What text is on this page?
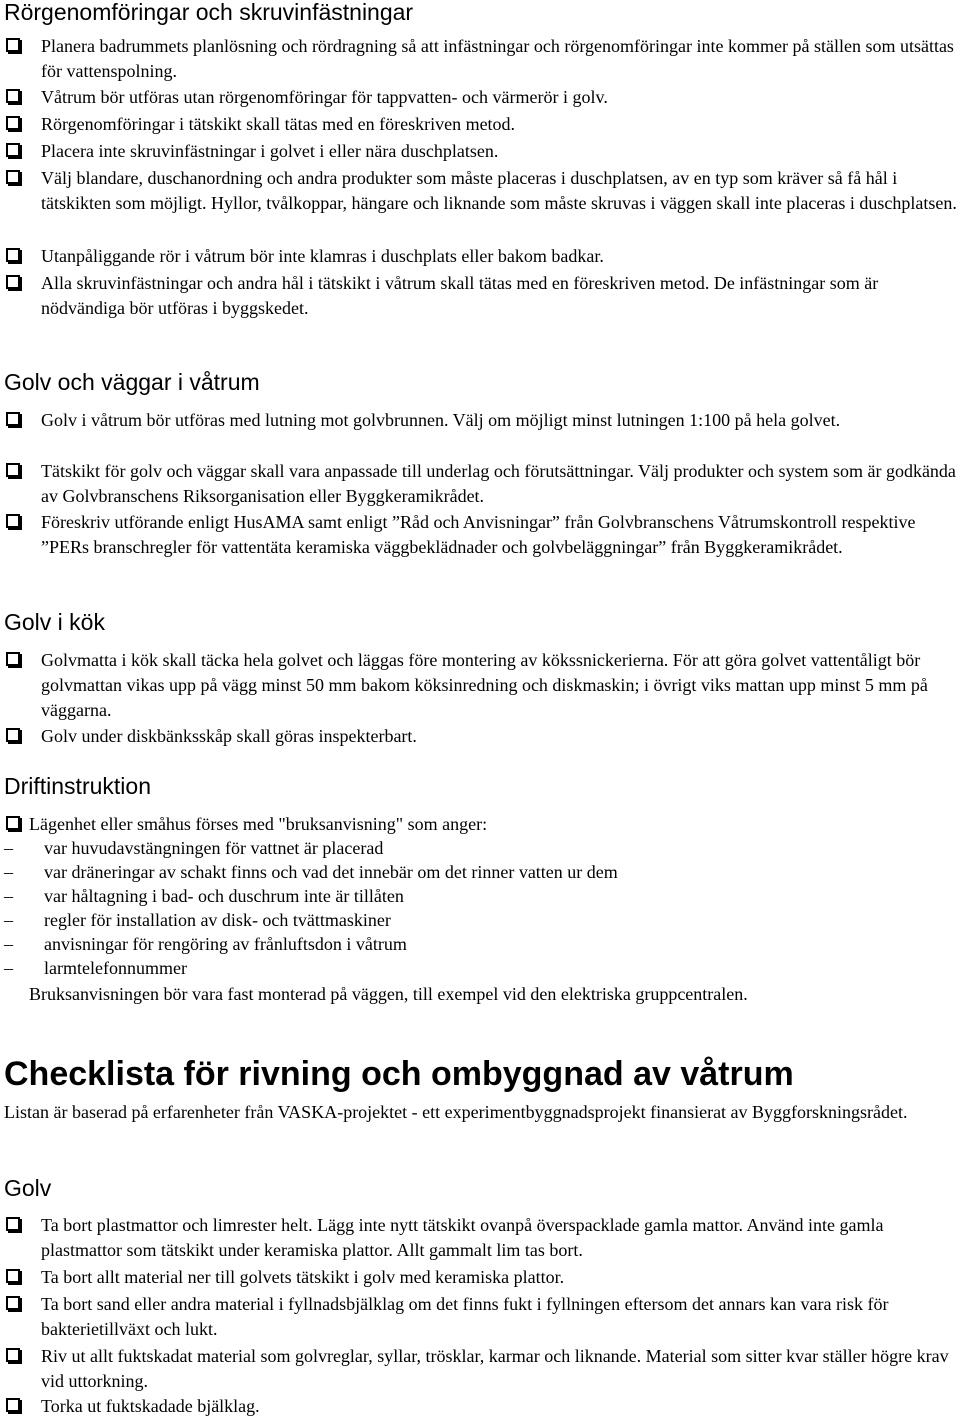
Rörgenomföringar och skruvinfästningar
Planera badrummets planlösning och rördragning så att infästningar och rörgenomföringar inte kommer på ställen som utsättas för vattenspolning.
Våtrum bör utföras utan rörgenomföringar för tappvatten- och värmerör i golv.
Rörgenomföringar i tätskikt skall tätas med en föreskriven metod.
Placera inte skruvinfästningar i golvet i eller nära duschplatsen.
Välj blandare, duschanordning och andra produkter som måste placeras i duschplatsen, av en typ som kräver så få hål i tätskikten som möjligt. Hyllor, tvålkoppar, hängare och liknande som måste skruvas i väggen skall inte placeras i duschplatsen.
Utanpåliggande rör i våtrum bör inte klamras i duschplats eller bakom badkar.
Alla skruvinfästningar och andra hål i tätskikt i våtrum skall tätas med en föreskriven metod. De infästningar som är nödvändiga bör utföras i byggskedet.
Golv och väggar i våtrum
Golv i våtrum bör utföras med lutning mot golvbrunnen. Välj om möjligt minst lutningen 1:100 på hela golvet.
Tätskikt för golv och väggar skall vara anpassade till underlag och förutsättningar. Välj produkter och system som är godkända av Golvbranschens Riksorganisation eller Byggkeramikrådet.
Föreskriv utförande enligt HusAMA samt enligt ”Råd och Anvisningar” från Golvbranschens Våtrumskontroll respektive ”PERs branschregler för vattentäta keramiska väggbeklädnader och golvbeläggningar” från Byggkeramikrådet.
Golv i kök
Golvmatta i kök skall täcka hela golvet och läggas före montering av kökssnickerierna. För att göra golvet vattentåligt bör golvmattan vikas upp på vägg minst 50 mm bakom köksinredning och diskmaskin; i övrigt viks mattan upp minst 5 mm på väggarna.
Golv under diskbänksskåp skall göras inspekterbart.
Driftinstruktion
Lägenhet eller småhus förses med "bruksanvisning" som anger:
– var huvudavstängningen för vattnet är placerad
– var dräneringar av schakt finns och vad det innebär om det rinner vatten ur dem
– var håltagning i bad- och duschrum inte är tillåten
– regler för installation av disk- och tvättmaskiner
– anvisningar för rengöring av frånluftsdon i våtrum
– larmtelefonnummer
Bruksanvisningen bör vara fast monterad på väggen, till exempel vid den elektriska gruppcentralen.
Checklista för rivning och ombyggnad av våtrum
Listan är baserad på erfarenheter från VASKA-projektet - ett experimentbyggnadsprojekt finansierat av Byggforskningsrådet.
Golv
Ta bort plastmattor och limrester helt. Lägg inte nytt tätskikt ovanpå överspacklade gamla mattor. Använd inte gamla plastmattor som tätskikt under keramiska plattor. Allt gammalt lim tas bort.
Ta bort allt material ner till golvets tätskikt i golv med keramiska plattor.
Ta bort sand eller andra material i fyllnadsbjälklag om det finns fukt i fyllningen eftersom det annars kan vara risk för bakterietillväxt och lukt.
Riv ut allt fuktskadat material som golvreglar, syllar, trösklar, karmar och liknande. Material som sitter kvar ställer högre krav vid uttorkning.
Torka ut fuktskadade bjälklag.
